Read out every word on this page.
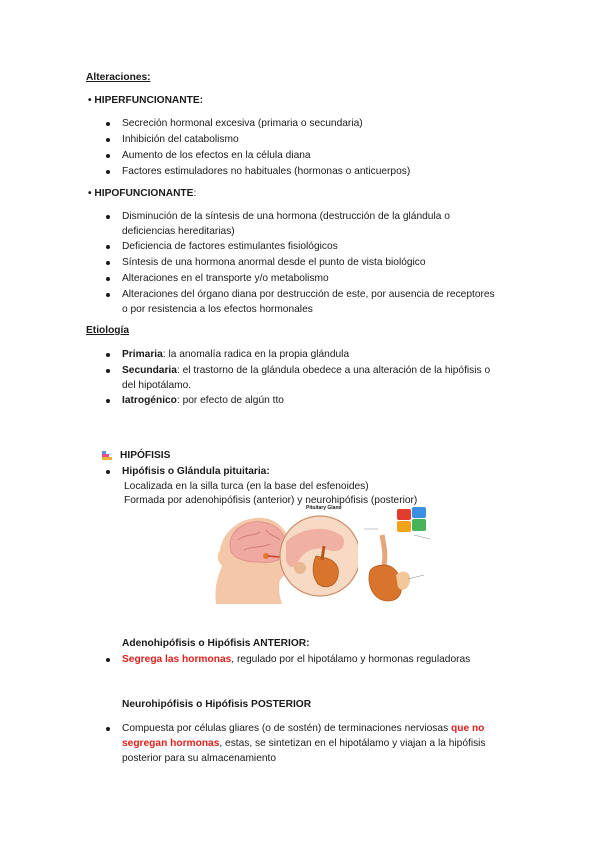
Alteraciones:
• HIPERFUNCIONANTE:
Secreción hormonal excesiva (primaria o secundaria)
Inhibición del catabolismo
Aumento de los efectos en la célula diana
Factores estimuladores no habituales (hormonas o anticuerpos)
• HIPOFUNCIONANTE:
Disminución de la síntesis de una hormona (destrucción de la glándula o
deficiencias hereditarias)
Deficiencia de factores estimulantes fisiológicos
Síntesis de una hormona anormal desde el punto de vista biológico
Alteraciones en el transporte y/o metabolismo
Alteraciones del órgano diana por destrucción de este, por ausencia de receptores
o por resistencia a los efectos hormonales
Etiología
Primaria: la anomalía radica en la propia glándula
Secundaria: el trastorno de la glándula obedece a una alteración de la hipófisis o
del hipotálamo.
Iatrogénico: por efecto de algún tto
HIPÓFISIS
Hipófisis o Glándula pituitaria:
Localizada en la silla turca (en la base del esfenoides)
Formada por adenohipófisis (anterior) y neurohipófisis (posterior)
Pituitary Gland
Adenohipófisis o Hipófisis ANTERIOR:
Segrega las hormonas, regulado por el hipotálamo y hormonas reguladoras
Neurohipófisis o Hipófisis POSTERIOR
Compuesta por células gliares (o de sostén) de terminaciones nerviosas que no
segregan hormonas, estas, se sintetizan en el hipotálamo y viajan a la hipófisis
posterior para su almacenamiento
